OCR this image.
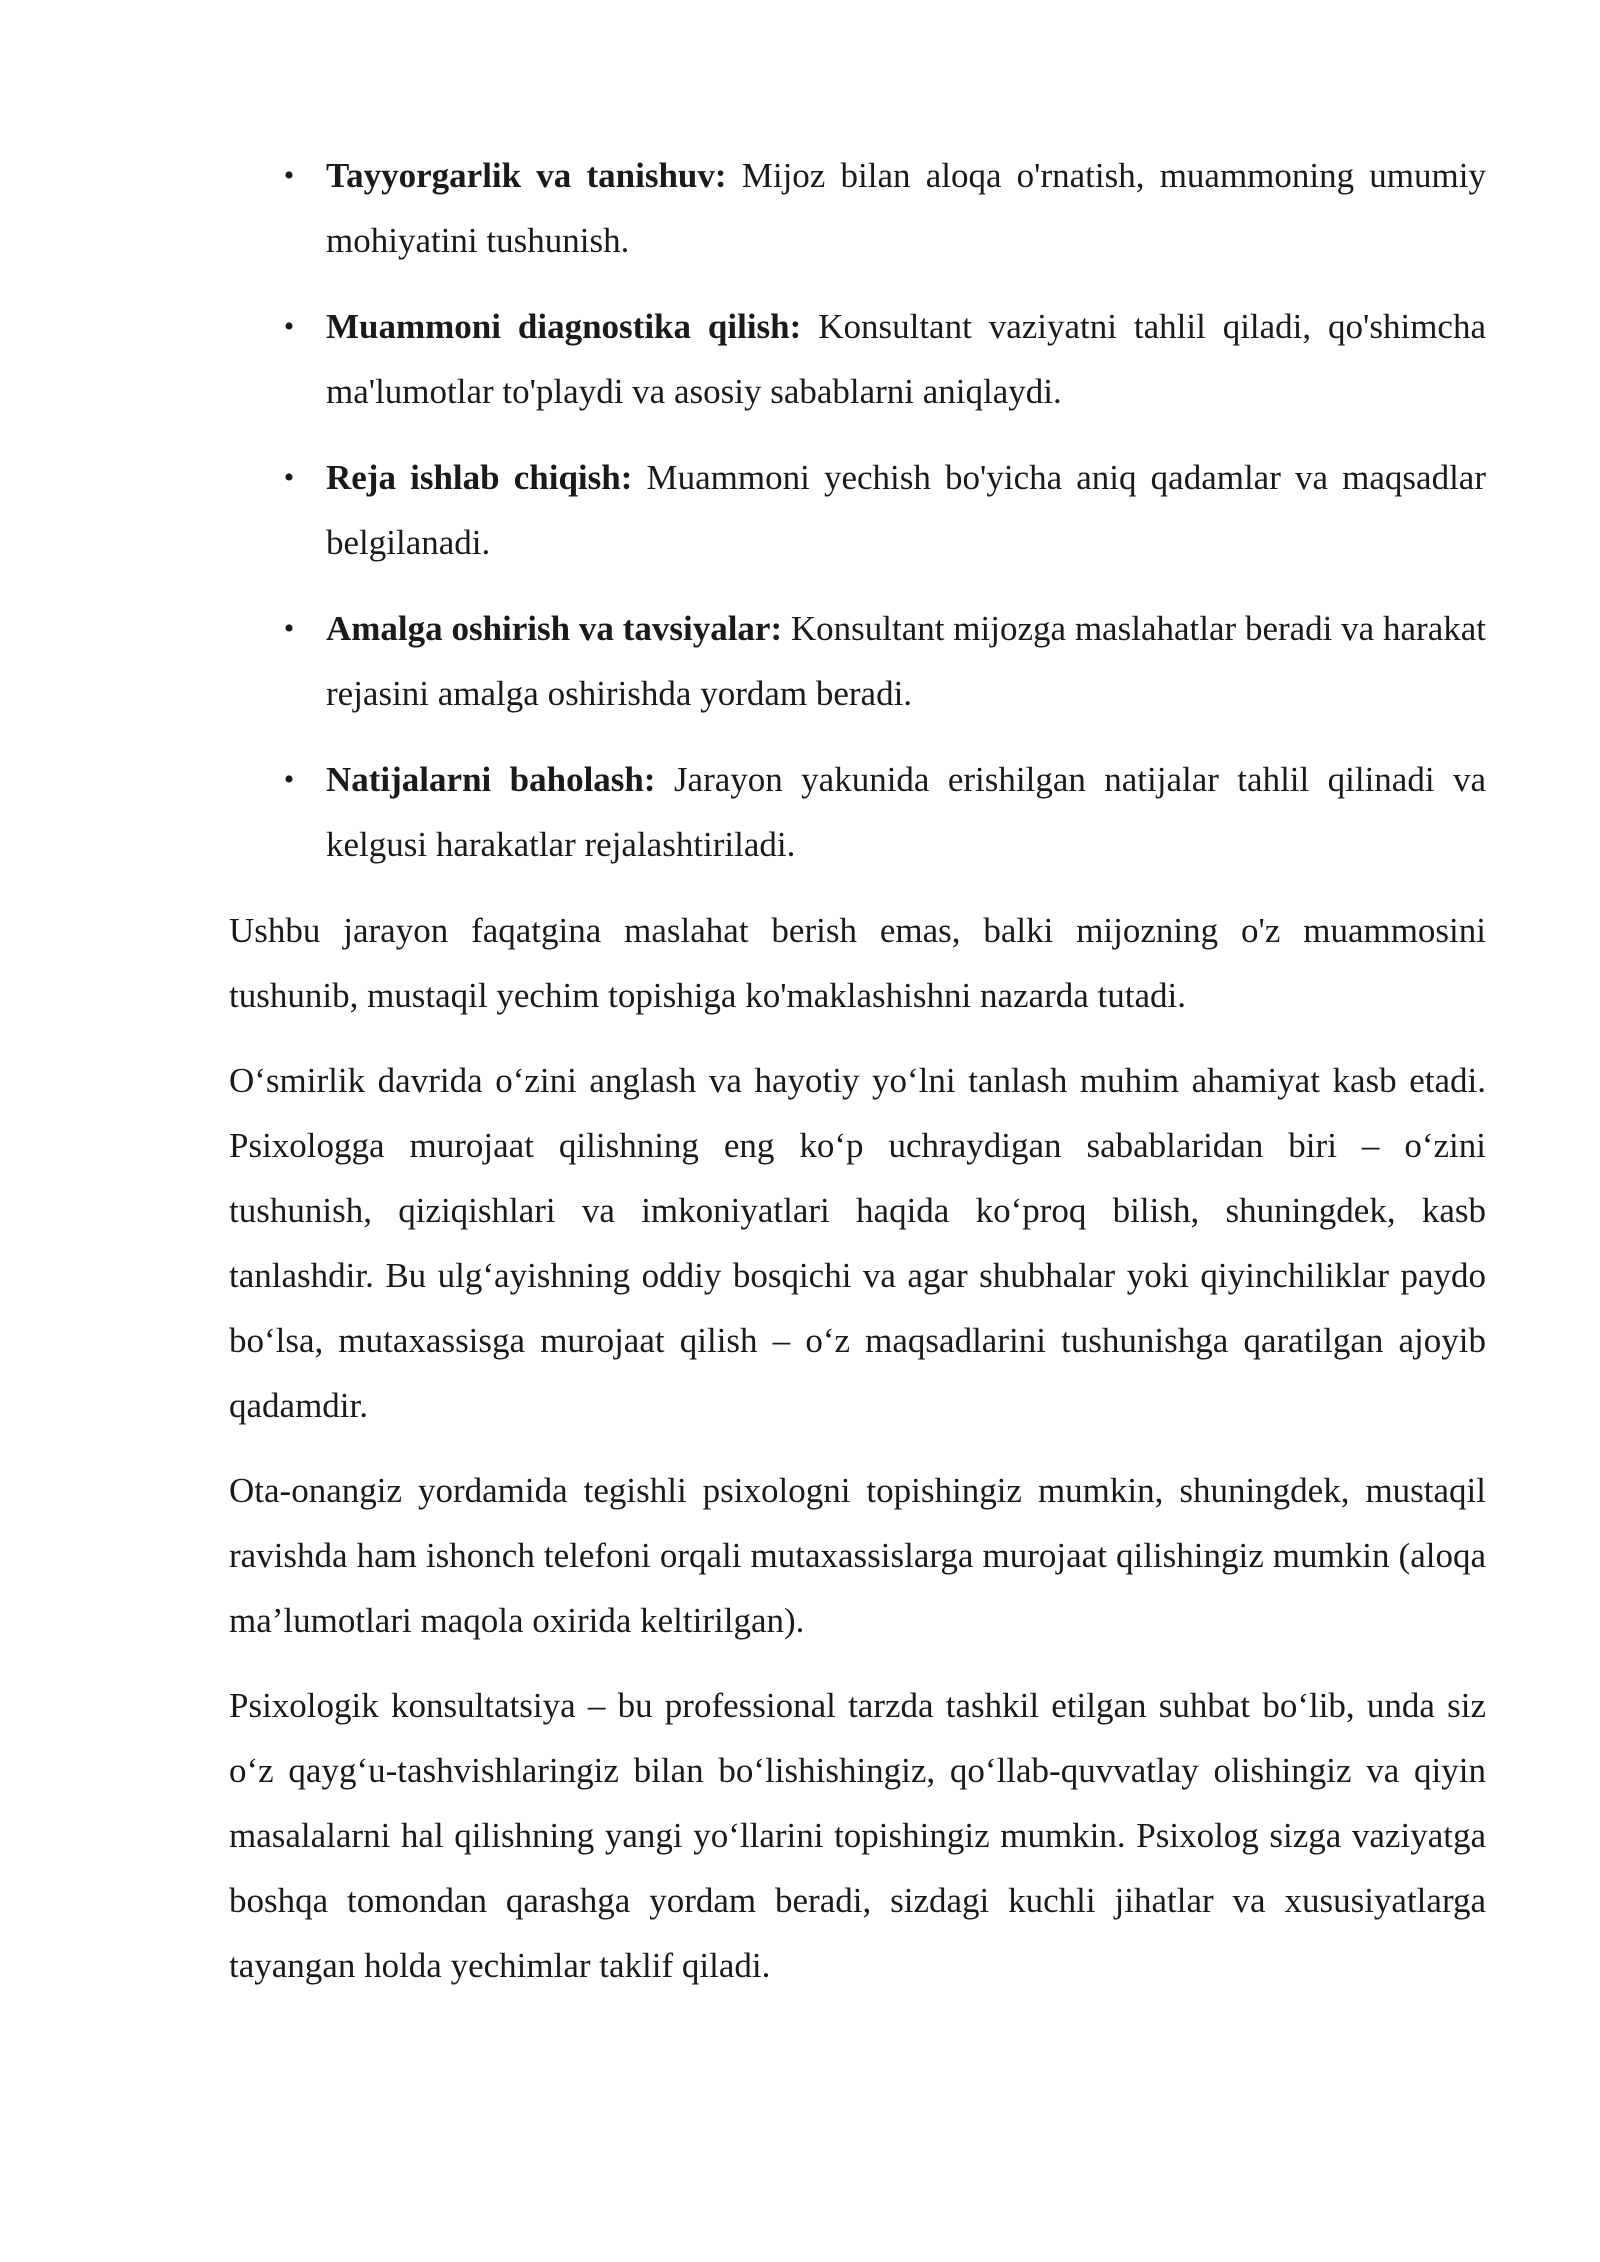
• Tayyorgarlik va tanishuv: Mijoz bilan aloqa o'rnatish, muammoning umumiy mohiyatini tushunish.
• Muammoni diagnostika qilish: Konsultant vaziyatni tahlil qiladi, qo'shimcha ma'lumotlar to'playdi va asosiy sabablarni aniqlaydi.
• Reja ishlab chiqish: Muammoni yechish bo'yicha aniq qadamlar va maqsadlar belgilanadi.
• Amalga oshirish va tavsiyalar: Konsultant mijozga maslahatlar beradi va harakat rejasini amalga oshirishda yordam beradi.
• Natijalarni baholash: Jarayon yakunida erishilgan natijalar tahlil qilinadi va kelgusi harakatlar rejalashtiriladi.

Ushbu jarayon faqatgina maslahat berish emas, balki mijozning o'z muammosini tushunib, mustaqil yechim topishiga ko'maklashishni nazarda tutadi.

O‘smirlik davrida o‘zini anglash va hayotiy yo‘lni tanlash muhim ahamiyat kasb etadi. Psixologga murojaat qilishning eng ko‘p uchraydigan sabablaridan biri – o‘zini tushunish, qiziqishlari va imkoniyatlari haqida ko‘proq bilish, shuningdek, kasb tanlashdir. Bu ulg‘ayishning oddiy bosqichi va agar shubhalar yoki qiyinchiliklar paydo bo‘lsa, mutaxassisga murojaat qilish – o‘z maqsadlarini tushunishga qaratilgan ajoyib qadamdir.

Ota-onangiz yordamida tegishli psixologni topishingiz mumkin, shuningdek, mustaqil ravishda ham ishonch telefoni orqali mutaxassislarga murojaat qilishingiz mumkin (aloqa ma’lumotlari maqola oxirida keltirilgan).

Psixologik konsultatsiya – bu professional tarzda tashkil etilgan suhbat bo‘lib, unda siz o‘z qayg‘u-tashvishlaringiz bilan bo‘lishishingiz, qo‘llab-quvvatlay olishingiz va qiyin masalalarni hal qilishning yangi yo‘llarini topishingiz mumkin. Psixolog sizga vaziyatga boshqa tomondan qarashga yordam beradi, sizdagi kuchli jihatlar va xususiyatlarga tayangan holda yechimlar taklif qiladi.
